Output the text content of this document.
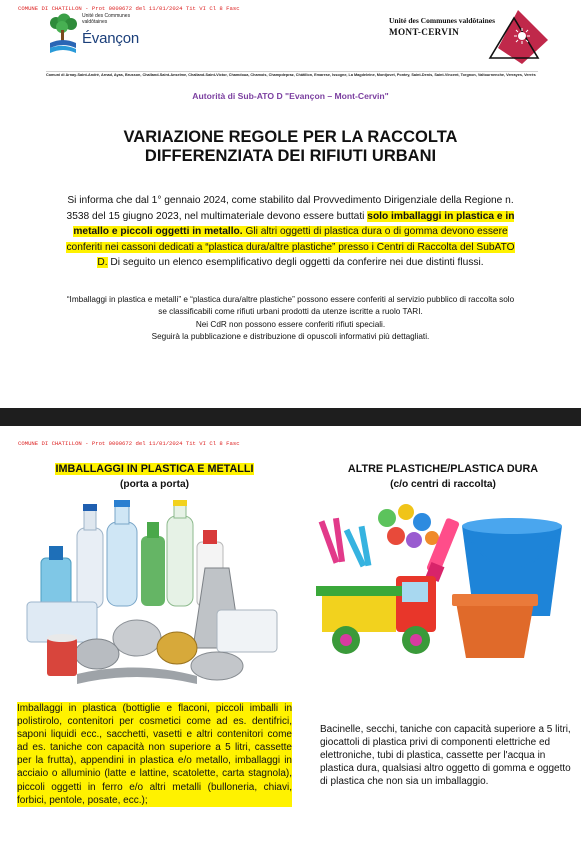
COMUNE DI CHATILLON - Prot 0000672 del 11/01/2024 Tit VI Cl 8 Fasc
Unité des Communes valdôtaines
Évançon
Unité des Communes valdôtaines
MONT-CERVIN
Comuni di Arnay-Saint-Andrè, Arnad, Ayas, Brusson, Challand-Saint-Anselme, Challand-Saint-Victor, Chamdoua, Chamois, Champdepraz, Châtillon, Emarese, Issogne, La Magdeleine, Montjovet, Pontey, Saint-Denis, Saint-Vincent, Torgnon, Valtournenche, Verrayes, Verrès
Autorità di Sub-ATO D "Evançon – Mont-Cervin"
VARIAZIONE REGOLE PER LA RACCOLTA
DIFFERENZIATA DEI RIFIUTI URBANI
Si informa che dal 1° gennaio 2024, come stabilito dal Provvedimento Dirigenziale della Regione n. 3538 del 15 giugno 2023, nel multimateriale devono essere buttati solo imballaggi in plastica e in metallo e piccoli oggetti in metallo. Gli altri oggetti di plastica dura o di gomma devono essere conferiti nei cassoni dedicati a “plastica dura/altre plastiche” presso i Centri di Raccolta del SubATO D. Di seguito un elenco esemplificativo degli oggetti da conferire nei due distinti flussi.
“Imballaggi in plastica e metalli” e “plastica dura/altre plastiche” possono essere conferiti al servizio pubblico di raccolta solo se classificabili come rifiuti urbani prodotti da utenze iscritte a ruolo TARI.
Nei CdR non possono essere conferiti rifiuti speciali.
Seguirà la pubblicazione e distribuzione di opuscoli informativi più dettagliati.
COMUNE DI CHATILLON - Prot 0000672 del 11/01/2024 Tit VI Cl 8 Fasc
IMBALLAGGI IN PLASTICA E METALLI
(porta a porta)
Imballaggi in plastica (bottiglie e flaconi, piccoli imballi in polistirolo, contenitori per cosmetici come ad es. dentifrici, saponi liquidi ecc., sacchetti, vasetti e altri contenitori come ad es. taniche con capacità non superiore a 5 litri, cassette per la frutta), appendini in plastica e/o metallo, imballaggi in acciaio o alluminio (latte e lattine, scatolette, carta stagnola), piccoli oggetti in ferro e/o altri metalli (bulloneria, chiavi, forbici, pentole, posate, ecc.);
ALTRE PLASTICHE/PLASTICA DURA
(c/o centri di raccolta)
Bacinelle, secchi, taniche con capacità superiore a 5 litri, giocattoli di plastica privi di componenti elettriche ed elettroniche, tubi di plastica, cassette per l'acqua in plastica dura, qualsiasi altro oggetto di gomma e oggetto di plastica che non sia un imballaggio.
